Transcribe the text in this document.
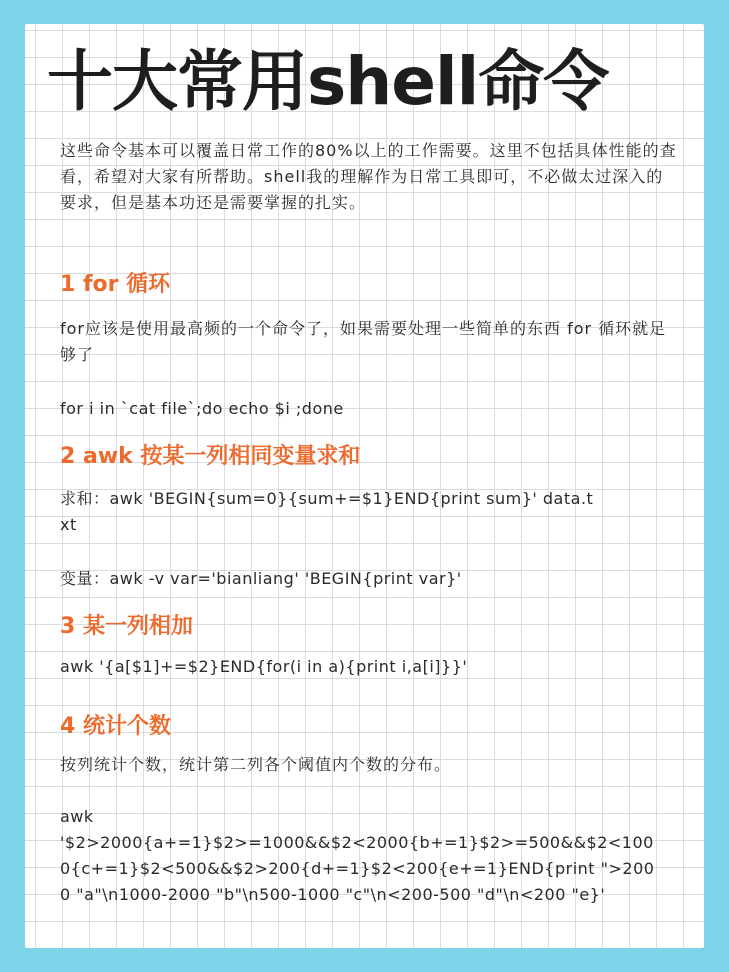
十大常用shell命令
这些命令基本可以覆盖日常工作的80%以上的工作需要。这里不包括具体性能的查看，希望对大家有所帮助。shell我的理解作为日常工具即可，不必做太过深入的要求，但是基本功还是需要掌握的扎实。
1 for 循环
for应该是使用最高频的一个命令了，如果需要处理一些简单的东西 for 循环就足够了
for i in `cat file`;do echo $i ;done
2 awk 按某一列相同变量求和
求和：awk 'BEGIN{sum=0}{sum+=$1}END{print sum}' data.txt
变量：awk -v var='bianliang' 'BEGIN{print var}'
3 某一列相加
awk '{a[$1]+=$2}END{for(i in a){print i,a[i]}}'
4 统计个数
按列统计个数，统计第二列各个阈值内个数的分布。
awk
'$2>2000{a+=1}$2>=1000&&$2<2000{b+=1}$2>=500&&$2<1000{c+=1}$2<500&&$2>200{d+=1}$2<200{e+=1}END{print ">2000 "a"\n1000-2000 "b"\n500-1000 "c"\n<200-500 "d"\n<200 "e}'
